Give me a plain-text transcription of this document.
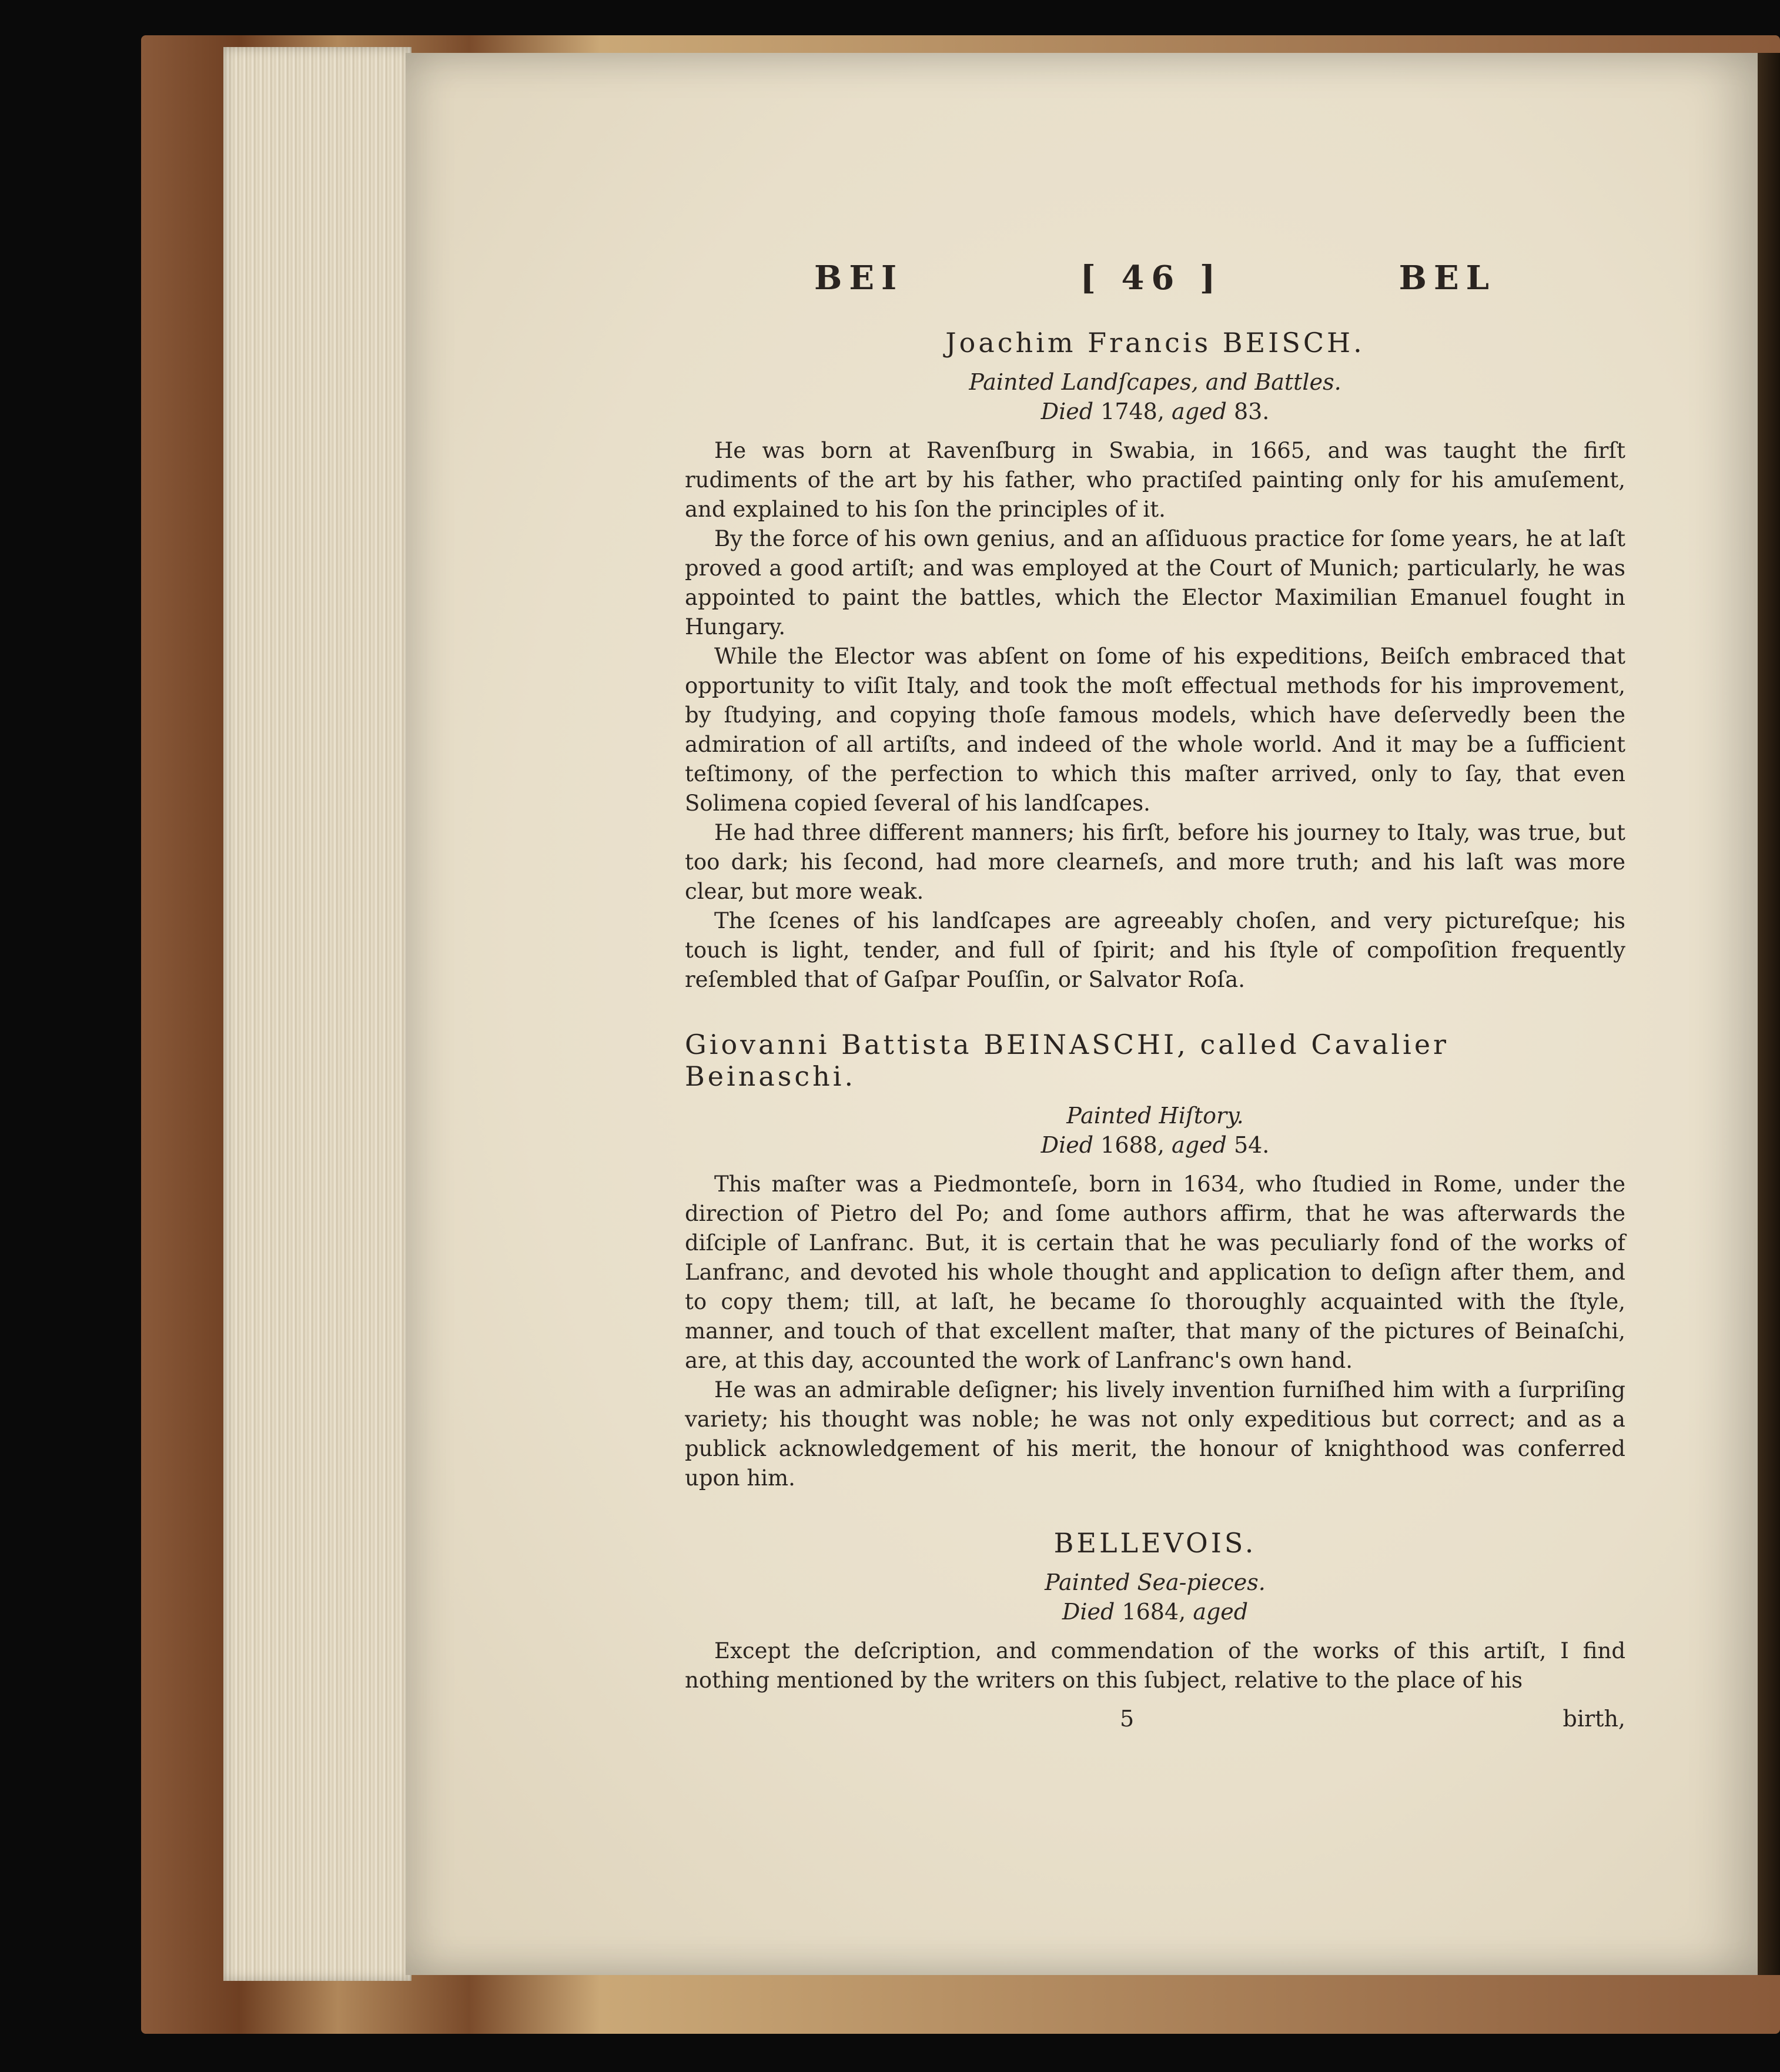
BEI	[ 46 ]	BEL
Joachim Francis BEISCH.
Painted Landſcapes, and Battles.
Died 1748, aged 83.

He was born at Ravenſburg in Swabia, in 1665, and was taught the firſt rudiments of the art by his father, who practiſed painting only for his amuſement, and explained to his ſon the principles of it.

By the force of his own genius, and an aſſiduous practice for ſome years, he at laſt proved a good artiſt; and was employed at the Court of Munich; particularly, he was appointed to paint the battles, which the Elector Maximilian Emanuel fought in Hungary.

While the Elector was abſent on ſome of his expeditions, Beiſch embraced that opportunity to viſit Italy, and took the moſt effectual methods for his improvement, by ſtudying, and copying thoſe famous models, which have deſervedly been the admiration of all artiſts, and indeed of the whole world. And it may be a ſufficient teſtimony, of the perfection to which this maſter arrived, only to ſay, that even Solimena copied ſeveral of his landſcapes.

He had three different manners; his firſt, before his journey to Italy, was true, but too dark; his ſecond, had more clearneſs, and more truth; and his laſt was more clear, but more weak.

The ſcenes of his landſcapes are agreeably choſen, and very pictureſque; his touch is light, tender, and full of ſpirit; and his ſtyle of compoſition frequently reſembled that of Gaſpar Pouſſin, or Salvator Roſa.

Giovanni Battista BEINASCHI, called Cavalier Beinaschi.
Painted Hiſtory.
Died 1688, aged 54.

This maſter was a Piedmonteſe, born in 1634, who ſtudied in Rome, under the direction of Pietro del Po; and ſome authors affirm, that he was afterwards the diſciple of Lanfranc. But, it is certain that he was peculiarly fond of the works of Lanfranc, and devoted his whole thought and application to deſign after them, and to copy them; till, at laſt, he became ſo thoroughly acquainted with the ſtyle, manner, and touch of that excellent maſter, that many of the pictures of Beinaſchi, are, at this day, accounted the work of Lanfranc's own hand.

He was an admirable deſigner; his lively invention furniſhed him with a ſurpriſing variety; his thought was noble; he was not only expeditious but correct; and as a publick acknowledgement of his merit, the honour of knighthood was conferred upon him.

BELLEVOIS.
Painted Sea-pieces.
Died 1684, aged

Except the deſcription, and commendation of the works of this artiſt, I find nothing mentioned by the writers on this ſubject, relative to the place of his

5	birth,
